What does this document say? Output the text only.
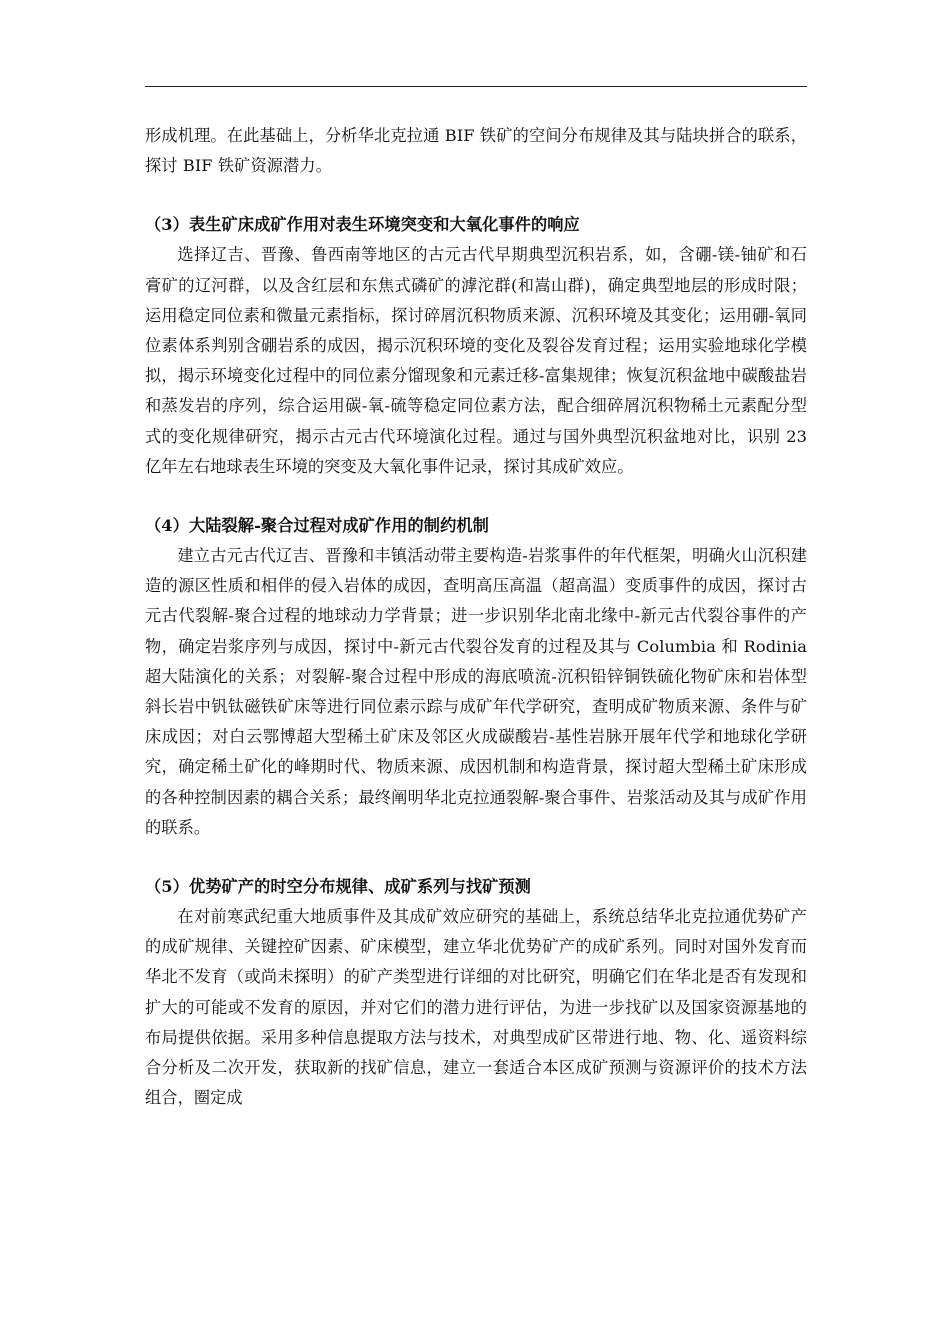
形成机理。在此基础上，分析华北克拉通 BIF 铁矿的空间分布规律及其与陆块拼合的联系，探讨 BIF 铁矿资源潜力。

（3）表生矿床成矿作用对表生环境突变和大氧化事件的响应

选择辽吉、晋豫、鲁西南等地区的古元古代早期典型沉积岩系，如，含硼-镁-铀矿和石膏矿的辽河群，以及含红层和东焦式磷矿的滹沱群(和嵩山群)，确定典型地层的形成时限；运用稳定同位素和微量元素指标，探讨碎屑沉积物质来源、沉积环境及其变化；运用硼-氧同位素体系判别含硼岩系的成因，揭示沉积环境的变化及裂谷发育过程；运用实验地球化学模拟，揭示环境变化过程中的同位素分馏现象和元素迁移-富集规律；恢复沉积盆地中碳酸盐岩和蒸发岩的序列，综合运用碳-氧-硫等稳定同位素方法，配合细碎屑沉积物稀土元素配分型式的变化规律研究，揭示古元古代环境演化过程。通过与国外典型沉积盆地对比，识别 23 亿年左右地球表生环境的突变及大氧化事件记录，探讨其成矿效应。

（4）大陆裂解-聚合过程对成矿作用的制约机制

建立古元古代辽吉、晋豫和丰镇活动带主要构造-岩浆事件的年代框架，明确火山沉积建造的源区性质和相伴的侵入岩体的成因，查明高压高温（超高温）变质事件的成因，探讨古元古代裂解-聚合过程的地球动力学背景；进一步识别华北南北缘中-新元古代裂谷事件的产物，确定岩浆序列与成因，探讨中-新元古代裂谷发育的过程及其与 Columbia 和 Rodinia 超大陆演化的关系；对裂解-聚合过程中形成的海底喷流-沉积铅锌铜铁硫化物矿床和岩体型斜长岩中钒钛磁铁矿床等进行同位素示踪与成矿年代学研究，查明成矿物质来源、条件与矿床成因；对白云鄂博超大型稀土矿床及邻区火成碳酸岩-基性岩脉开展年代学和地球化学研究，确定稀土矿化的峰期时代、物质来源、成因机制和构造背景，探讨超大型稀土矿床形成的各种控制因素的耦合关系；最终阐明华北克拉通裂解-聚合事件、岩浆活动及其与成矿作用的联系。

（5）优势矿产的时空分布规律、成矿系列与找矿预测

在对前寒武纪重大地质事件及其成矿效应研究的基础上，系统总结华北克拉通优势矿产的成矿规律、关键控矿因素、矿床模型，建立华北优势矿产的成矿系列。同时对国外发育而华北不发育（或尚未探明）的矿产类型进行详细的对比研究，明确它们在华北是否有发现和扩大的可能或不发育的原因，并对它们的潜力进行评估，为进一步找矿以及国家资源基地的布局提供依据。采用多种信息提取方法与技术，对典型成矿区带进行地、物、化、遥资料综合分析及二次开发，获取新的找矿信息，建立一套适合本区成矿预测与资源评价的技术方法组合，圈定成
